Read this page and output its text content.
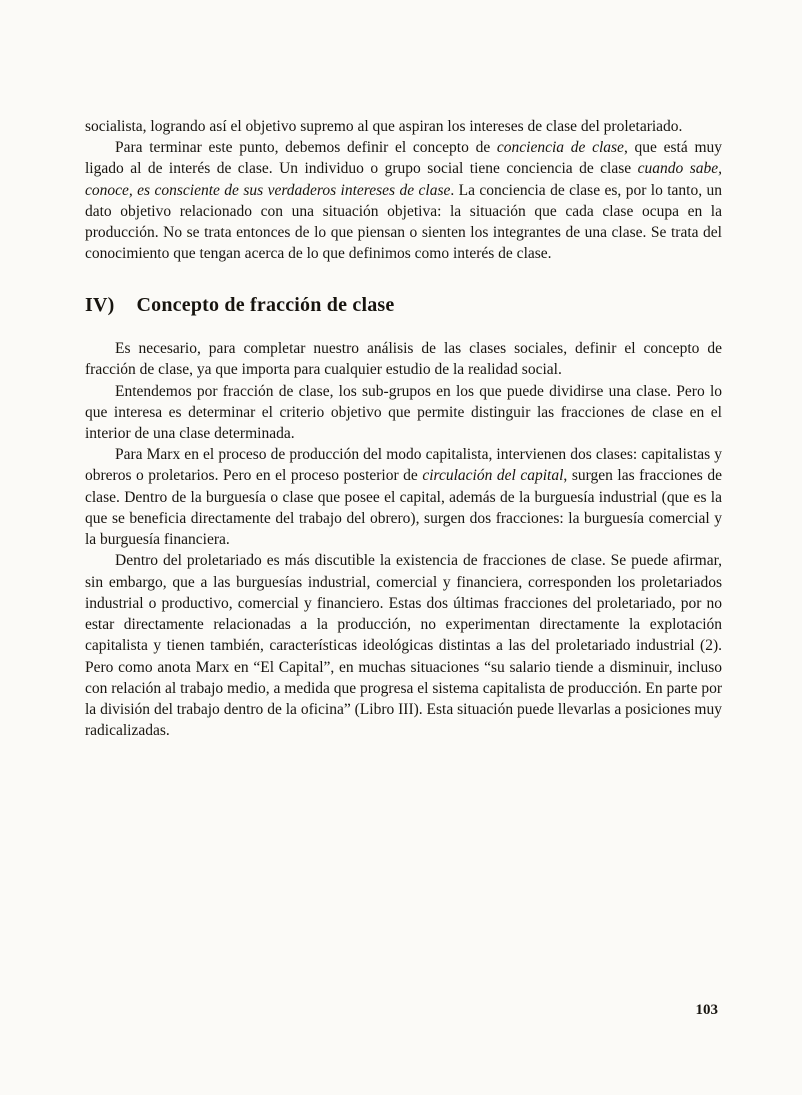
socialista, logrando así el objetivo supremo al que aspiran los intereses de clase del proletariado.

Para terminar este punto, debemos definir el concepto de conciencia de clase, que está muy ligado al de interés de clase. Un individuo o grupo social tiene conciencia de clase cuando sabe, conoce, es consciente de sus verdaderos intereses de clase. La conciencia de clase es, por lo tanto, un dato objetivo relacionado con una situación objetiva: la situación que cada clase ocupa en la producción. No se trata entonces de lo que piensan o sienten los integrantes de una clase. Se trata del conocimiento que tengan acerca de lo que definimos como interés de clase.

IV) Concepto de fracción de clase

Es necesario, para completar nuestro análisis de las clases sociales, definir el concepto de fracción de clase, ya que importa para cualquier estudio de la realidad social.

Entendemos por fracción de clase, los sub-grupos en los que puede dividirse una clase. Pero lo que interesa es determinar el criterio objetivo que permite distinguir las fracciones de clase en el interior de una clase determinada.

Para Marx en el proceso de producción del modo capitalista, intervienen dos clases: capitalistas y obreros o proletarios. Pero en el proceso posterior de circulación del capital, surgen las fracciones de clase. Dentro de la burguesía o clase que posee el capital, además de la burguesía industrial (que es la que se beneficia directamente del trabajo del obrero), surgen dos fracciones: la burguesía comercial y la burguesía financiera.

Dentro del proletariado es más discutible la existencia de fracciones de clase. Se puede afirmar, sin embargo, que a las burguesías industrial, comercial y financiera, corresponden los proletariados industrial o productivo, comercial y financiero. Estas dos últimas fracciones del proletariado, por no estar directamente relacionadas a la producción, no experimentan directamente la explotación capitalista y tienen también, características ideológicas distintas a las del proletariado industrial (2). Pero como anota Marx en “El Capital”, en muchas situaciones “su salario tiende a disminuir, incluso con relación al trabajo medio, a medida que progresa el sistema capitalista de producción. En parte por la división del trabajo dentro de la oficina” (Libro III). Esta situación puede llevarlas a posiciones muy radicalizadas.

103
